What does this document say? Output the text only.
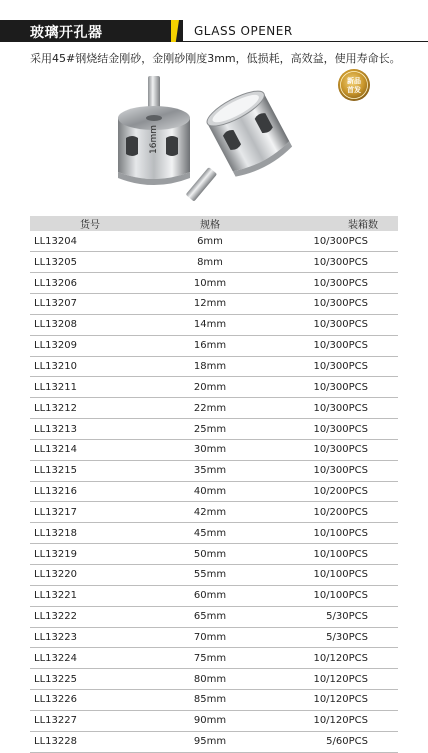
玻璃开孔器	GLASS OPENER
采用45#钢烧结金刚砂，金刚砂刚度3mm，低损耗，高效益，使用寿命长。
新品
首发
16mm
货号	规格	装箱数
LL13204	6mm	10/300PCS
LL13205	8mm	10/300PCS
LL13206	10mm	10/300PCS
LL13207	12mm	10/300PCS
LL13208	14mm	10/300PCS
LL13209	16mm	10/300PCS
LL13210	18mm	10/300PCS
LL13211	20mm	10/300PCS
LL13212	22mm	10/300PCS
LL13213	25mm	10/300PCS
LL13214	30mm	10/300PCS
LL13215	35mm	10/300PCS
LL13216	40mm	10/200PCS
LL13217	42mm	10/200PCS
LL13218	45mm	10/100PCS
LL13219	50mm	10/100PCS
LL13220	55mm	10/100PCS
LL13221	60mm	10/100PCS
LL13222	65mm	5/30PCS
LL13223	70mm	5/30PCS
LL13224	75mm	10/120PCS
LL13225	80mm	10/120PCS
LL13226	85mm	10/120PCS
LL13227	90mm	10/120PCS
LL13228	95mm	5/60PCS
